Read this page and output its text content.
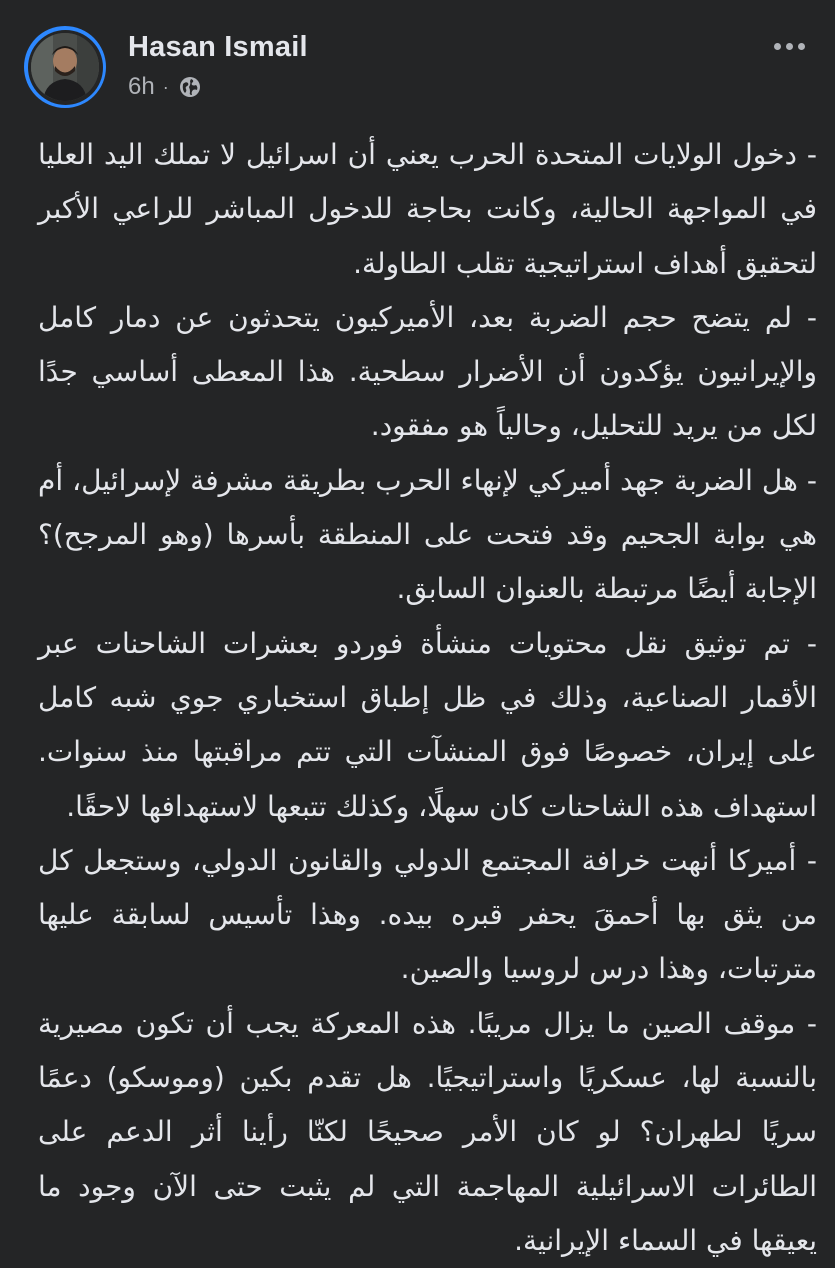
Hasan Ismail
6h ·

- دخول الولايات المتحدة الحرب يعني أن اسرائيل لا تملك اليد العليا في المواجهة الحالية، وكانت بحاجة للدخول المباشر للراعي الأكبر لتحقيق أهداف استراتيجية تقلب الطاولة.

- لم يتضح حجم الضربة بعد، الأميركيون يتحدثون عن دمار كامل والإيرانيون يؤكدون أن الأضرار سطحية. هذا المعطى أساسي جدًا لكل من يريد للتحليل، وحالياً هو مفقود.

- هل الضربة جهد أميركي لإنهاء الحرب بطريقة مشرفة لإسرائيل، أم هي بوابة الجحيم وقد فتحت على المنطقة بأسرها (وهو المرجح)؟ الإجابة أيضًا مرتبطة بالعنوان السابق.

- تم توثيق نقل محتويات منشأة فوردو بعشرات الشاحنات عبر الأقمار الصناعية، وذلك في ظل إطباق استخباري جوي شبه كامل على إيران، خصوصًا فوق المنشآت التي تتم مراقبتها منذ سنوات. استهداف هذه الشاحنات كان سهلًا، وكذلك تتبعها لاستهدافها لاحقًا.

- أميركا أنهت خرافة المجتمع الدولي والقانون الدولي، وستجعل كل من يثق بها أحمقَ يحفر قبره بيده. وهذا تأسيس لسابقة عليها مترتبات، وهذا درس لروسيا والصين.

- موقف الصين ما يزال مريبًا. هذه المعركة يجب أن تكون مصيرية بالنسبة لها، عسكريًا واستراتيجيًا. هل تقدم بكين (وموسكو) دعمًا سريًا لطهران؟ لو كان الأمر صحيحًا لكنّا رأينا أثر الدعم على الطائرات الاسرائيلية المهاجمة التي لم يثبت حتى الآن وجود ما يعيقها في السماء الإيرانية.
